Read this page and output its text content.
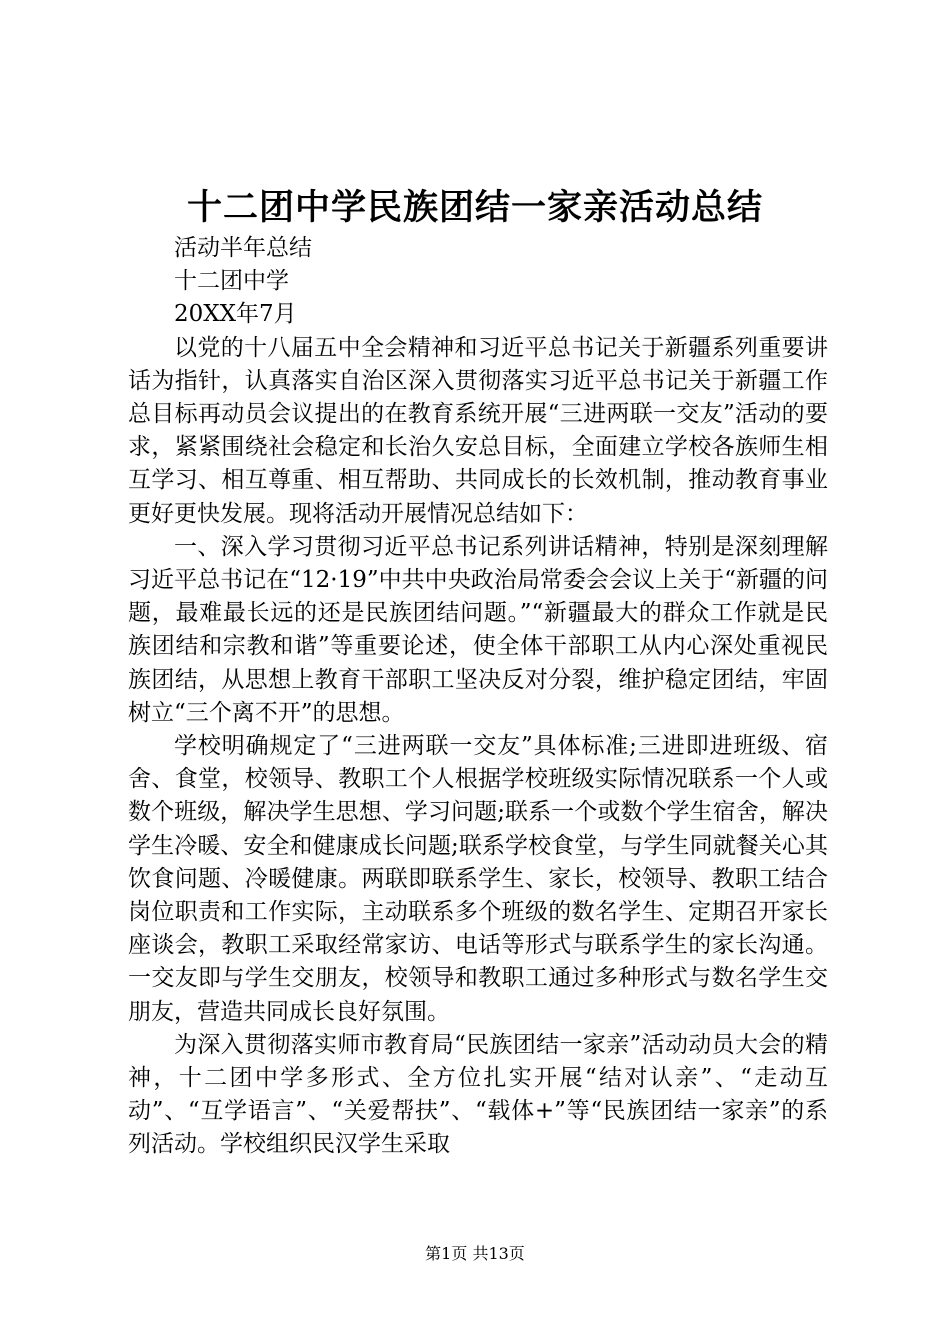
十二团中学民族团结一家亲活动总结

活动半年总结

十二团中学

20XX年7月

以党的十八届五中全会精神和习近平总书记关于新疆系列重要讲话为指针，认真落实自治区深入贯彻落实习近平总书记关于新疆工作总目标再动员会议提出的在教育系统开展“三进两联一交友”活动的要求，紧紧围绕社会稳定和长治久安总目标，全面建立学校各族师生相互学习、相互尊重、相互帮助、共同成长的长效机制，推动教育事业更好更快发展。现将活动开展情况总结如下：

一、深入学习贯彻习近平总书记系列讲话精神，特别是深刻理解习近平总书记在“12·19”中共中央政治局常委会会议上关于“新疆的问题，最难最长远的还是民族团结问题。”“新疆最大的群众工作就是民族团结和宗教和谐”等重要论述，使全体干部职工从内心深处重视民族团结，从思想上教育干部职工坚决反对分裂，维护稳定团结，牢固树立“三个离不开”的思想。

学校明确规定了“三进两联一交友”具体标准;三进即进班级、宿舍、食堂，校领导、教职工个人根据学校班级实际情况联系一个人或数个班级，解决学生思想、学习问题;联系一个或数个学生宿舍，解决学生冷暖、安全和健康成长问题;联系学校食堂，与学生同就餐关心其饮食问题、冷暖健康。两联即联系学生、家长，校领导、教职工结合岗位职责和工作实际，主动联系多个班级的数名学生、定期召开家长座谈会，教职工采取经常家访、电话等形式与联系学生的家长沟通。一交友即与学生交朋友，校领导和教职工通过多种形式与数名学生交朋友，营造共同成长良好氛围。

为深入贯彻落实师市教育局“民族团结一家亲”活动动员大会的精神，十二团中学多形式、全方位扎实开展“结对认亲”、“走动互动”、“互学语言”、“关爱帮扶”、“载体+”等“民族团结一家亲”的系列活动。学校组织民汉学生采取

第1页 共13页
